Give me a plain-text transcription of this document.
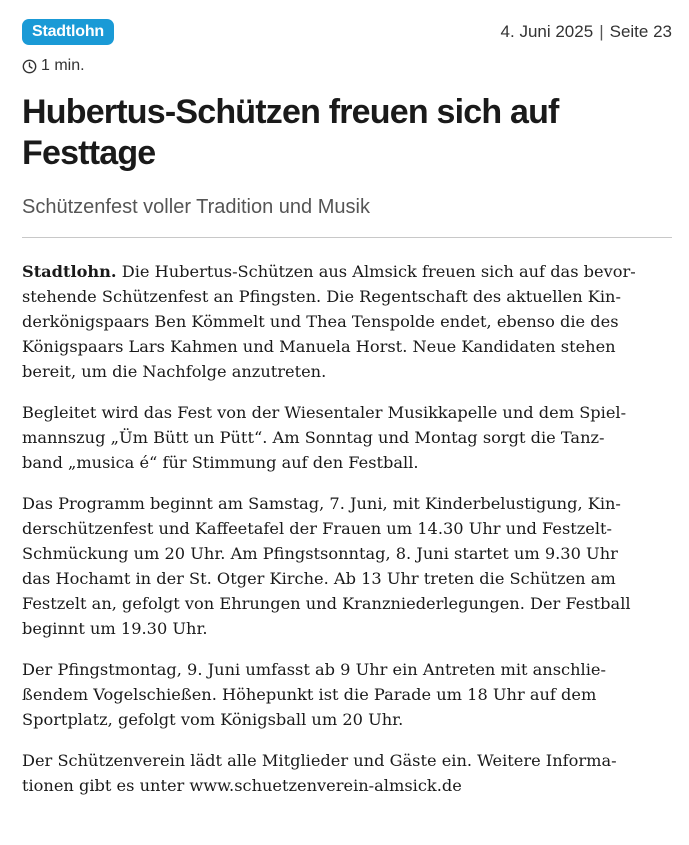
Stadtlohn	4. Juni 2025 | Seite 23
1 min.
Hubertus-Schützen freuen sich auf
Festtage
Schützenfest voller Tradition und Musik

Stadtlohn. Die Hubertus-Schützen aus Almsick freuen sich auf das bevor-
stehende Schützenfest an Pfingsten. Die Regentschaft des aktuellen Kin-
derkönigspaars Ben Kömmelt und Thea Tenspolde endet, ebenso die des
Königspaars Lars Kahmen und Manuela Horst. Neue Kandidaten stehen
bereit, um die Nachfolge anzutreten.

Begleitet wird das Fest von der Wiesentaler Musikkapelle und dem Spiel-
mannszug „Üm Bütt un Pütt“. Am Sonntag und Montag sorgt die Tanz-
band „musica é“ für Stimmung auf den Festball.

Das Programm beginnt am Samstag, 7. Juni, mit Kinderbelustigung, Kin-
derschützenfest und Kaffeetafel der Frauen um 14.30 Uhr und Festzelt-
Schmückung um 20 Uhr. Am Pfingstsonntag, 8. Juni startet um 9.30 Uhr
das Hochamt in der St. Otger Kirche. Ab 13 Uhr treten die Schützen am
Festzelt an, gefolgt von Ehrungen und Kranzniederlegungen. Der Festball
beginnt um 19.30 Uhr.

Der Pfingstmontag, 9. Juni umfasst ab 9 Uhr ein Antreten mit anschlie-
ßendem Vogelschießen. Höhepunkt ist die Parade um 18 Uhr auf dem
Sportplatz, gefolgt vom Königsball um 20 Uhr.

Der Schützenverein lädt alle Mitglieder und Gäste ein. Weitere Informa-
tionen gibt es unter www.schuetzenverein-almsick.de
